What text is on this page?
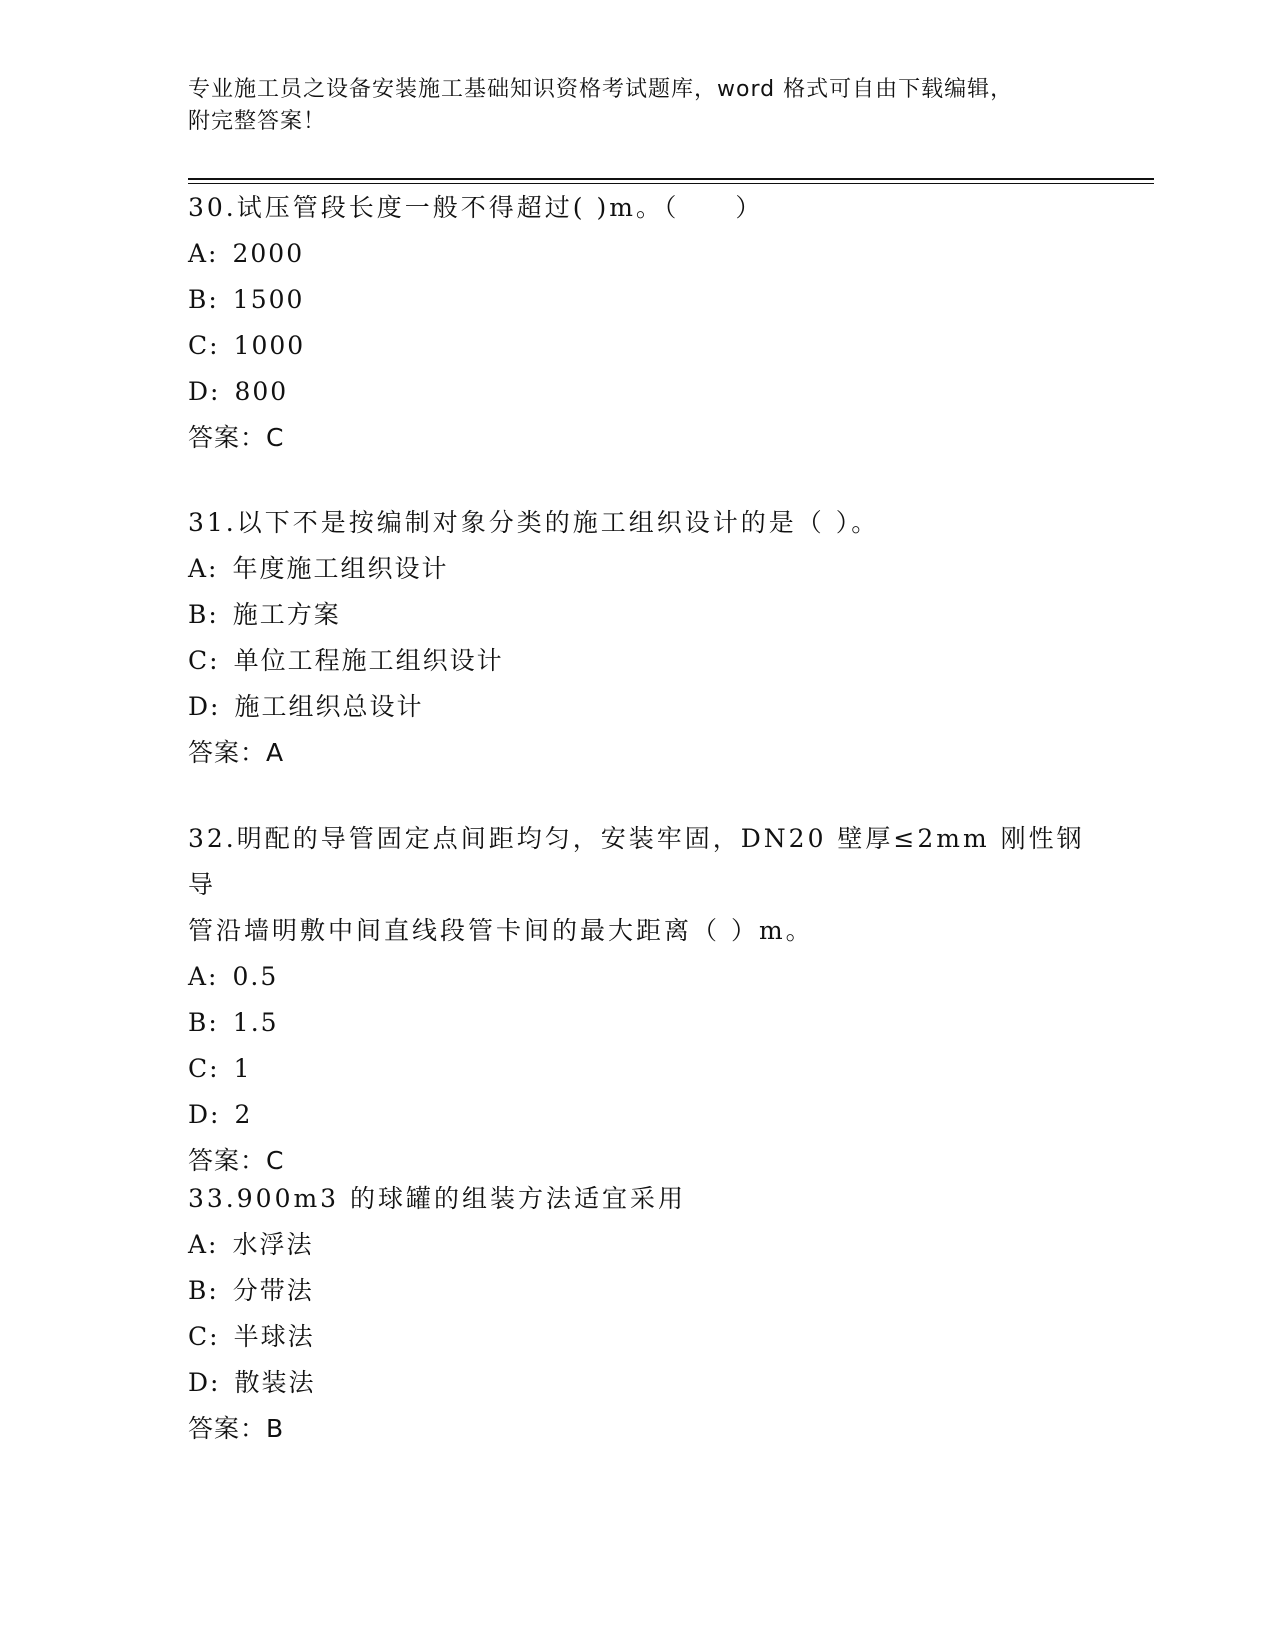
专业施工员之设备安装施工基础知识资格考试题库，word 格式可自由下载编辑，
附完整答案！

30.试压管段长度一般不得超过( )m。（　　）

A: 2000

B: 1500

C: 1000

D: 800

答案：C

31.以下不是按编制对象分类的施工组织设计的是（ ）。

A: 年度施工组织设计

B: 施工方案

C: 单位工程施工组织设计

D: 施工组织总设计

答案：A

32.明配的导管固定点间距均匀，安装牢固，DN20 壁厚≤2mm 刚性钢导

管沿墙明敷中间直线段管卡间的最大距离（ ）m。

A: 0.5

B: 1.5

C: 1

D: 2

答案：C

33.900m3 的球罐的组装方法适宜采用

A: 水浮法

B: 分带法

C: 半球法

D: 散装法

答案：B
